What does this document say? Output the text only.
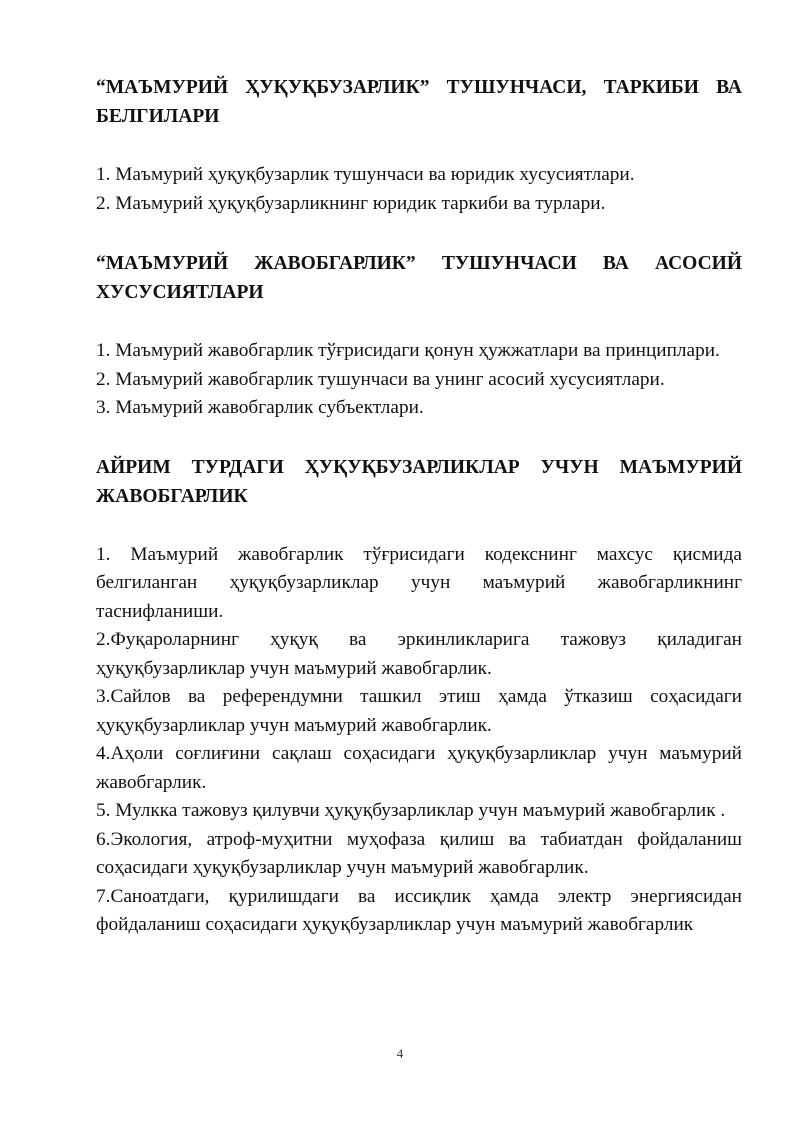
“МАЪМУРИЙ ҲУҚУҚБУЗАРЛИК” ТУШУНЧАСИ, ТАРКИБИ ВА БЕЛГИЛАРИ
1. Маъмурий ҳуқуқбузарлик тушунчаси ва юридик хусусиятлари.
2. Маъмурий ҳуқуқбузарликнинг юридик таркиби ва турлари.
“МАЪМУРИЙ ЖАВОБГАРЛИК” ТУШУНЧАСИ ВА АСОСИЙ ХУСУСИЯТЛАРИ
1. Маъмурий жавобгарлик тўғрисидаги қонун ҳужжатлари ва принциплари.
2. Маъмурий жавобгарлик тушунчаси ва унинг асосий хусусиятлари.
3. Маъмурий жавобгарлик субъектлари.
АЙРИМ ТУРДАГИ ҲУҚУҚБУЗАРЛИКЛАР УЧУН МАЪМУРИЙ ЖАВОБГАРЛИК
1. Маъмурий жавобгарлик тўғрисидаги кодекснинг махсус қисмида белгиланган ҳуқуқбузарликлар учун маъмурий жавобгарликнинг таснифланиши.
2.Фуқароларнинг ҳуқуқ ва эркинликларига тажовуз қиладиган ҳуқуқбузарликлар учун маъмурий жавобгарлик.
3.Сайлов ва референдумни ташкил этиш ҳамда ўтказиш соҳасидаги ҳуқуқбузарликлар учун маъмурий жавобгарлик.
4.Аҳоли соғлиғини сақлаш соҳасидаги ҳуқуқбузарликлар учун маъмурий жавобгарлик.
5. Мулкка тажовуз қилувчи ҳуқуқбузарликлар учун маъмурий жавобгарлик .
6.Экология, атроф-муҳитни муҳофаза қилиш ва табиатдан фойдаланиш соҳасидаги ҳуқуқбузарликлар учун маъмурий жавобгарлик.
7.Саноатдаги, қурилишдаги ва иссиқлик ҳамда электр энергиясидан фойдаланиш соҳасидаги ҳуқуқбузарликлар учун маъмурий жавобгарлик
4
